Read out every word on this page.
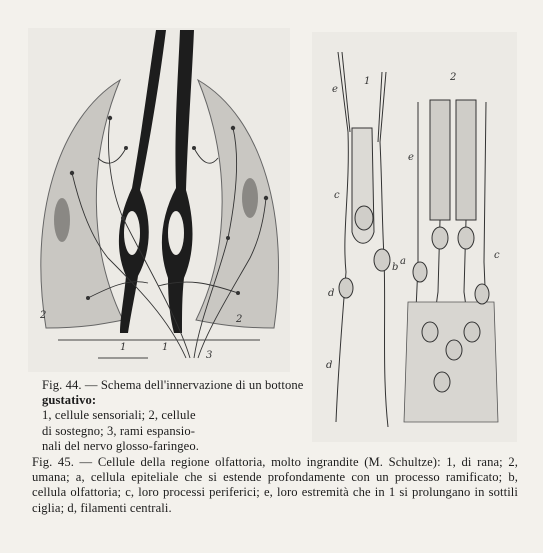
1	1
2	2
3
1	2
e
c
b
d
d
e
a
c
Fig. 44. — Schema dell'innervazione di un bottone gustativo:
1, cellule sensoriali; 2, cellule
di sostegno; 3, rami espansio-
nali del nervo glosso-faringeo.
Fig. 45. — Cellule della regione olfattoria, molto ingrandite (M. Schultze): 1, di rana; 2, umana; a, cellula epiteliale che si estende profondamente con un processo ramificato; b, cellula olfattoria; c, loro processi periferici; e, loro estremità che in 1 si prolungano in sottili ciglia; d, filamenti centrali.
